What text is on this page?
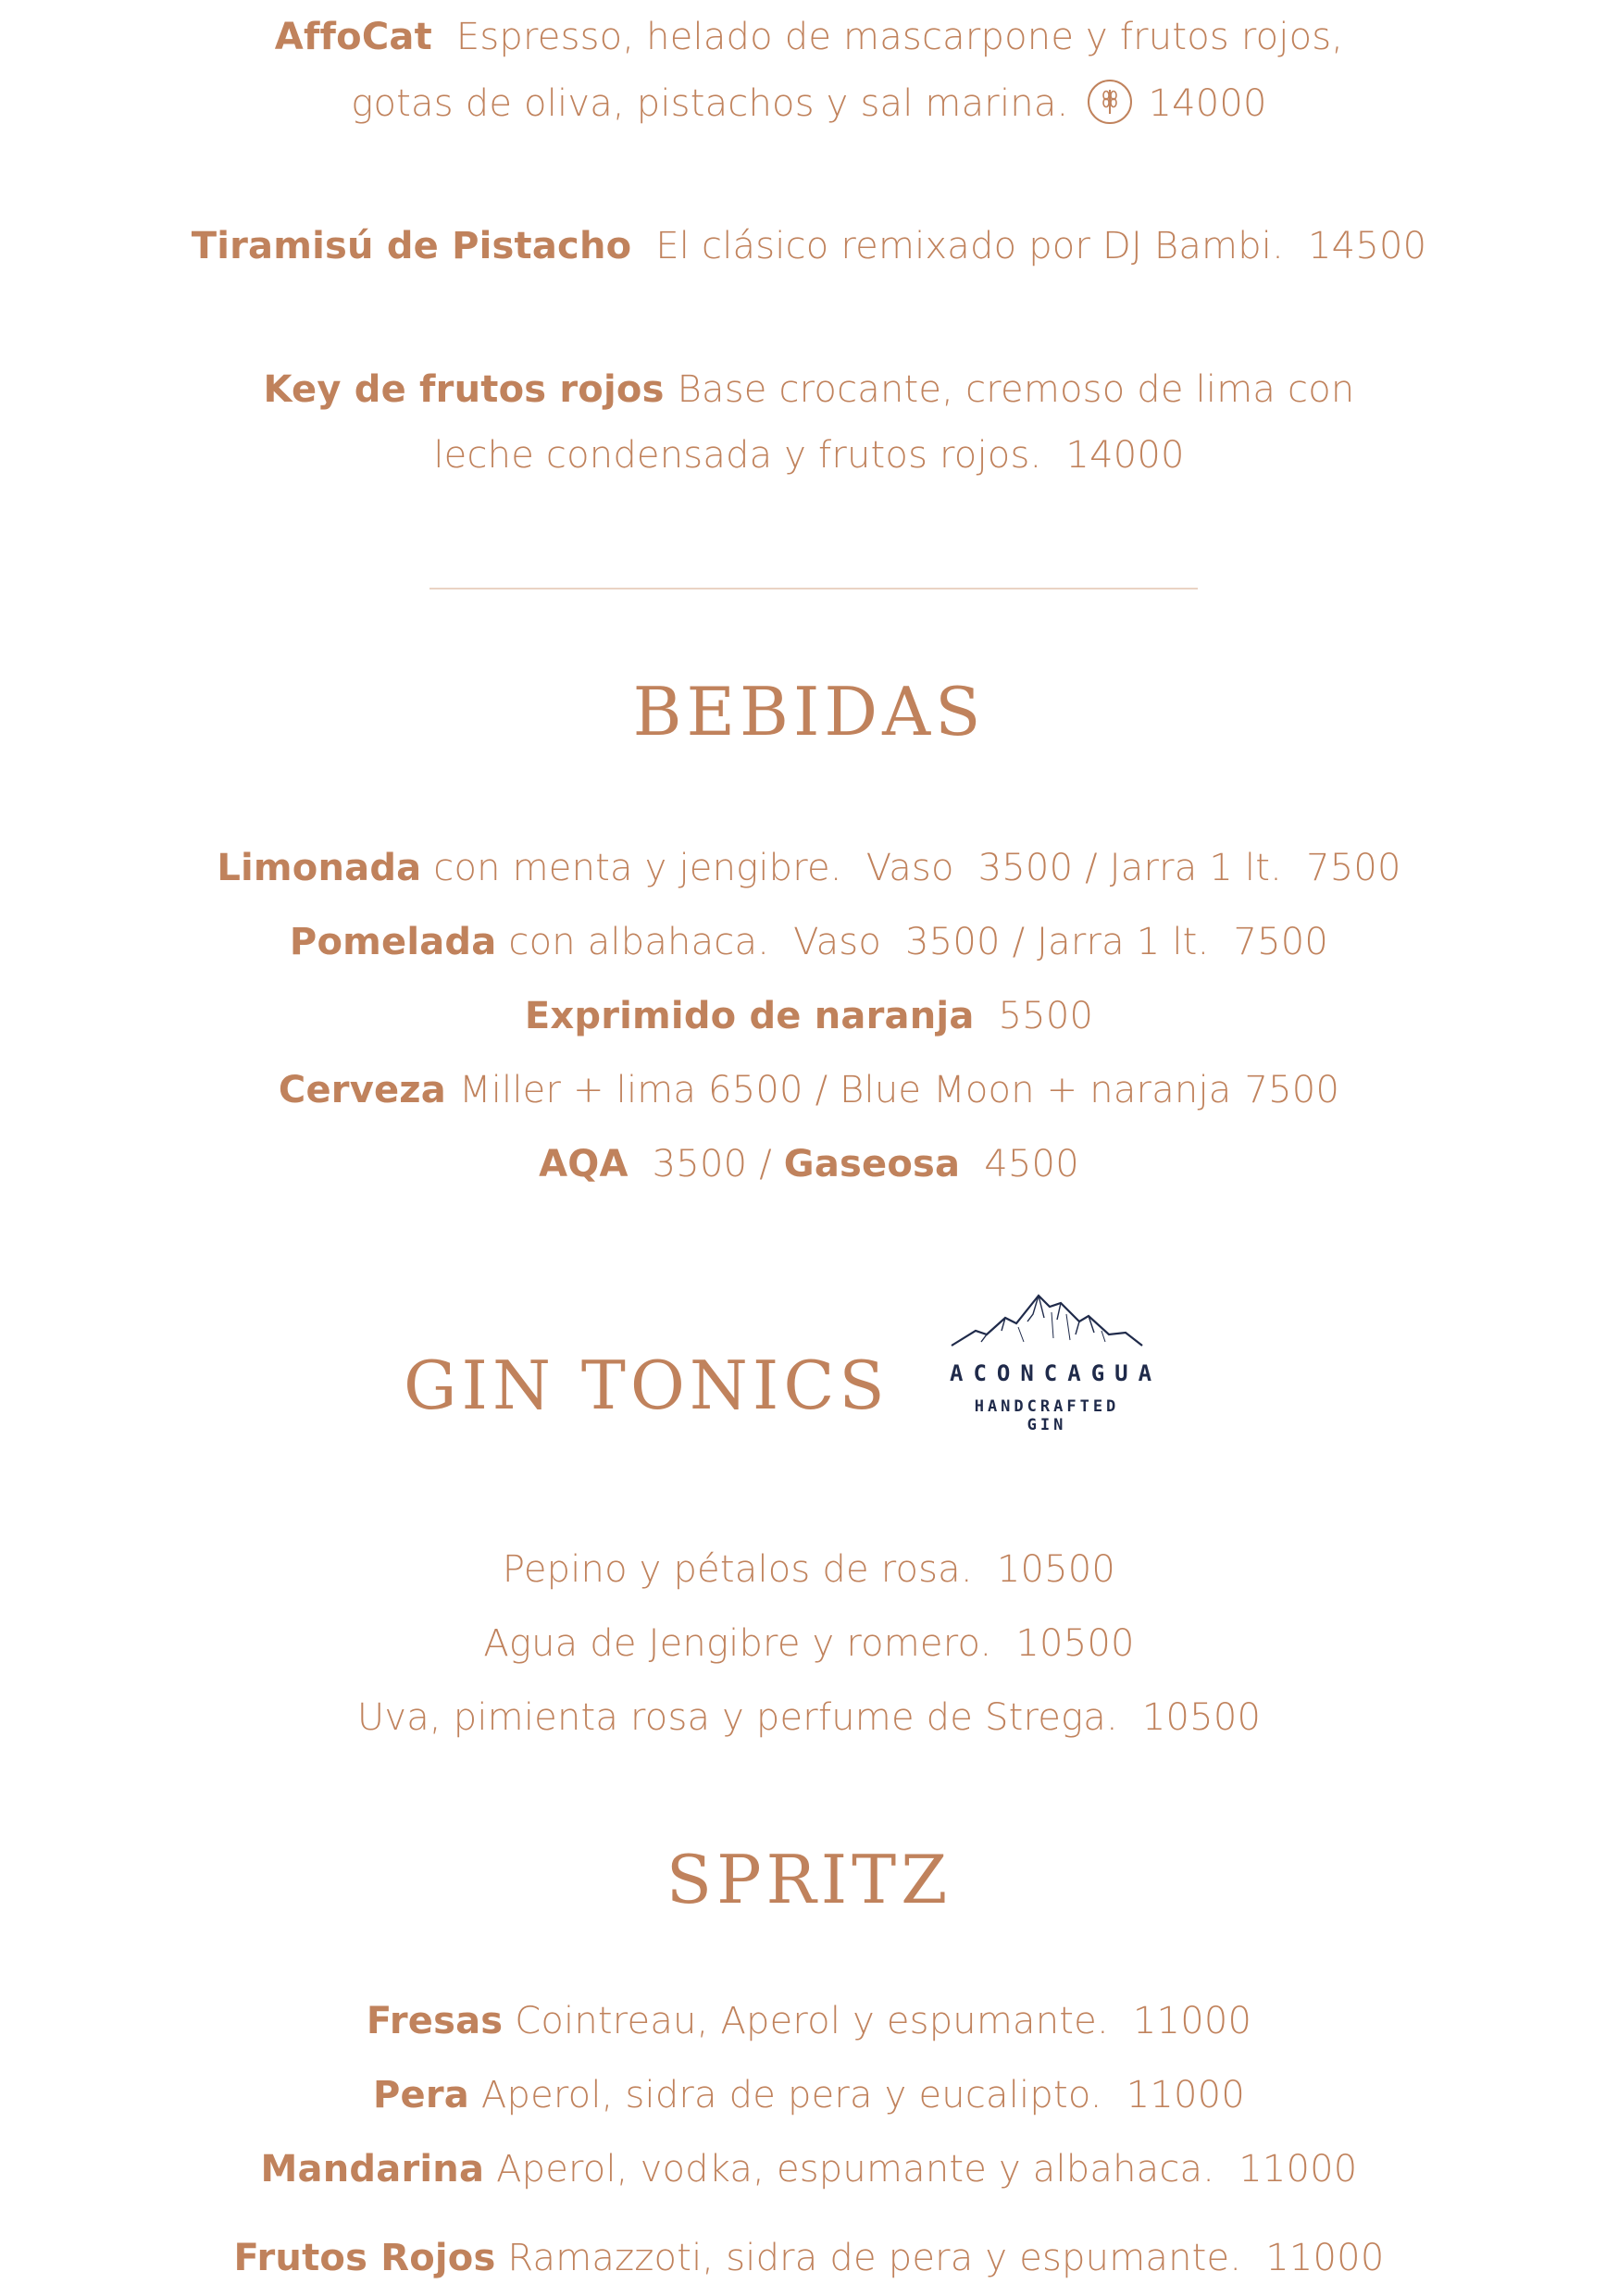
AffoCat Espresso, helado de mascarpone y frutos rojos,
gotas de oliva, pistachos y sal marina. 14000
Tiramisú de Pistacho El clásico remixado por DJ Bambi. 14500
Key de frutos rojos Base crocante, cremoso de lima con
leche condensada y frutos rojos. 14000
BEBIDAS
Limonada con menta y jengibre. Vaso 3500 / Jarra 1 lt. 7500
Pomelada con albahaca. Vaso 3500 / Jarra 1 lt. 7500
Exprimido de naranja 5500
Cerveza Miller + lima 6500 / Blue Moon + naranja 7500
AQA 3500 / Gaseosa 4500
GIN TONICS	ACONCAGUA
HANDCRAFTED GIN
Pepino y pétalos de rosa. 10500
Agua de Jengibre y romero. 10500
Uva, pimienta rosa y perfume de Strega. 10500
SPRITZ
Fresas Cointreau, Aperol y espumante. 11000
Pera Aperol, sidra de pera y eucalipto. 11000
Mandarina Aperol, vodka, espumante y albahaca. 11000
Frutos Rojos Ramazzoti, sidra de pera y espumante. 11000
